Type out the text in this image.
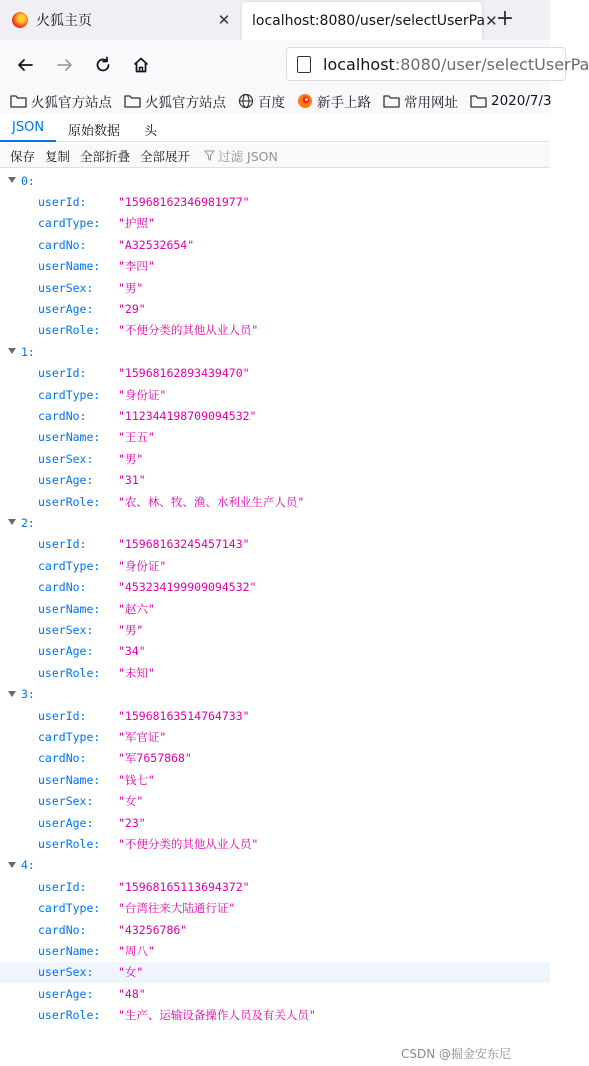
火狐主页	✕ localhost:8080/user/selectUserPa ✕
+
localhost :8080/user/selectUserPa
火狐官方站点 火狐官方站点 百度 新手上路 常用网址 2020/7/3
JSON	原始数据	头
保存 复制 全部折叠 全部展开 过滤 JSON
0:
userId:	"15968162346981977"
cardType: "护照"
cardNo:	"A32532654"
userName: "李四"
userSex: "男"
userAge: "29"
userRole: "不便分类的其他从业人员"
1:
userId:	"15968162893439470"
cardType: "身份证"
cardNo:	"112344198709094532"
userName: "王五"
userSex: "男"
userAge: "31"
userRole: "农、林、牧、渔、水利业生产人员"
2:
userId:	"15968163245457143"
cardType: "身份证"
cardNo:	"453234199909094532"
userName: "赵六"
userSex: "男"
userAge: "34"
userRole: "未知"
3:
userId:	"15968163514764733"
cardType: "军官证"
cardNo:	"军7657868"
userName: "钱七"
userSex: "女"
userAge: "23"
userRole: "不便分类的其他从业人员"
4:
userId:	"15968165113694372"
cardType: "台湾往来大陆通行证"
cardNo:	"43256786"
userName: "周八"
userSex: "女"
userAge: "48"
userRole: "生产、运输设备操作人员及有关人员"
CSDN @掘金安东尼
